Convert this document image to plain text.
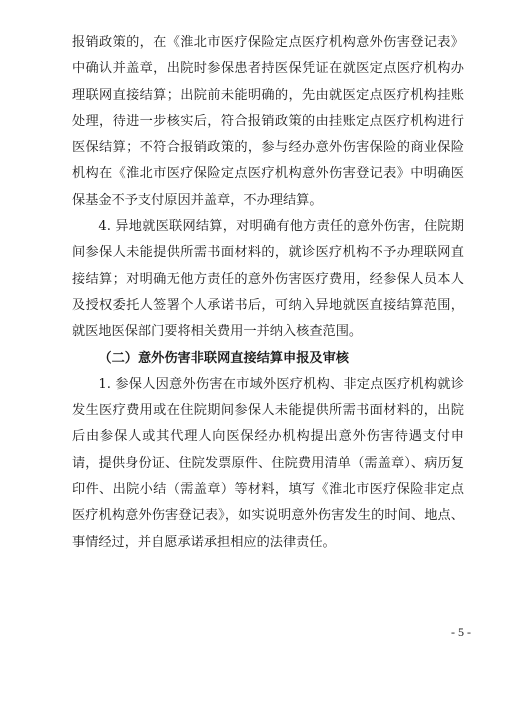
报销政策的，在《淮北市医疗保险定点医疗机构意外伤害登记表》中确认并盖章，出院时参保患者持医保凭证在就医定点医疗机构办理联网直接结算；出院前未能明确的，先由就医定点医疗机构挂账处理，待进一步核实后，符合报销政策的由挂账定点医疗机构进行医保结算；不符合报销政策的，参与经办意外伤害保险的商业保险机构在《淮北市医疗保险定点医疗机构意外伤害登记表》中明确医保基金不予支付原因并盖章，不办理结算。

4. 异地就医联网结算，对明确有他方责任的意外伤害，住院期间参保人未能提供所需书面材料的，就诊医疗机构不予办理联网直接结算；对明确无他方责任的意外伤害医疗费用，经参保人员本人及授权委托人签署个人承诺书后，可纳入异地就医直接结算范围，就医地医保部门要将相关费用一并纳入核查范围。

（二）意外伤害非联网直接结算申报及审核

1. 参保人因意外伤害在市域外医疗机构、非定点医疗机构就诊发生医疗费用或在住院期间参保人未能提供所需书面材料的，出院后由参保人或其代理人向医保经办机构提出意外伤害待遇支付申请，提供身份证、住院发票原件、住院费用清单（需盖章）、病历复印件、出院小结（需盖章）等材料，填写《淮北市医疗保险非定点医疗机构意外伤害登记表》，如实说明意外伤害发生的时间、地点、事情经过，并自愿承诺承担相应的法律责任。

- 5 -
